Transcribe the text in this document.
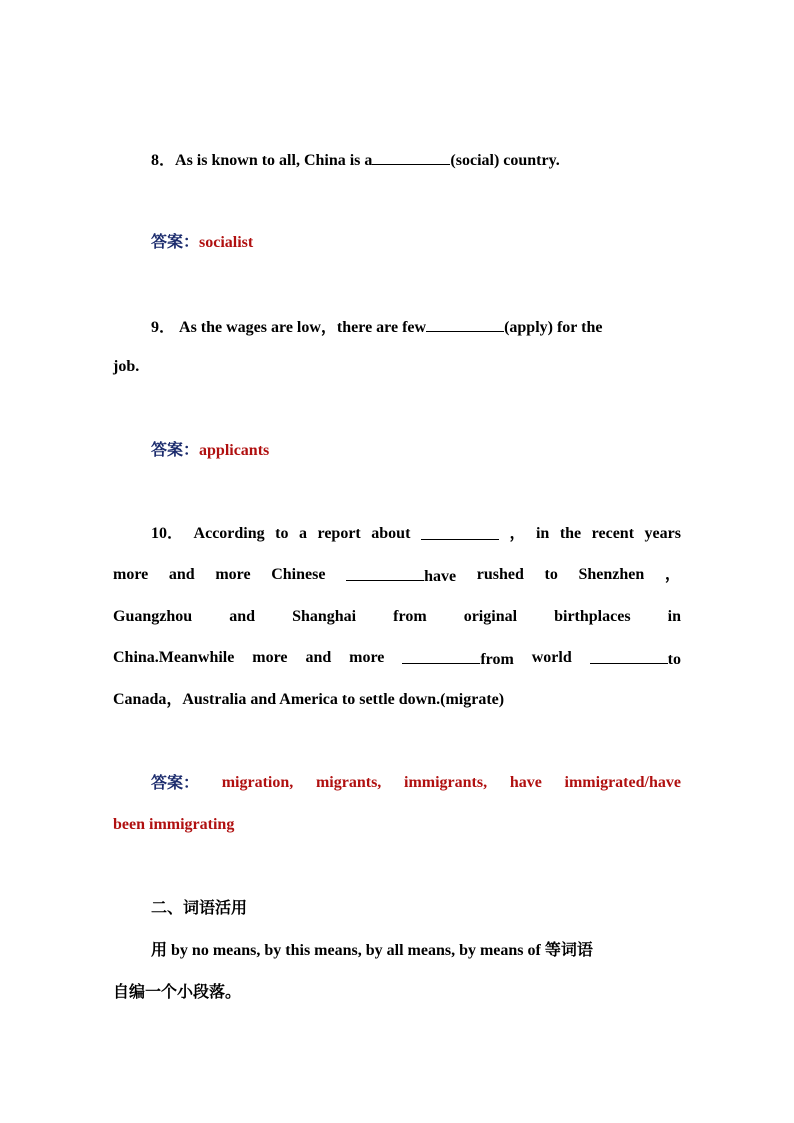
8．As is known to all, China is a	(social) country.
答案：socialist
9． As the wages are low，there are few	(apply) for the
job.
答案：applicants
10． According to a report about	， in the recent years
more and more Chinese	have rushed to Shenzhen ，
Guangzhou and Shanghai from original birthplaces in
China.Meanwhile more and more	from world	to
Canada，Australia and America to settle down.(migrate)
答案： migration, migrants, immigrants, have immigrated/have
been immigrating
二、词语活用
用 by no means, by this means, by all means, by means of 等词语
自编一个小段落。
